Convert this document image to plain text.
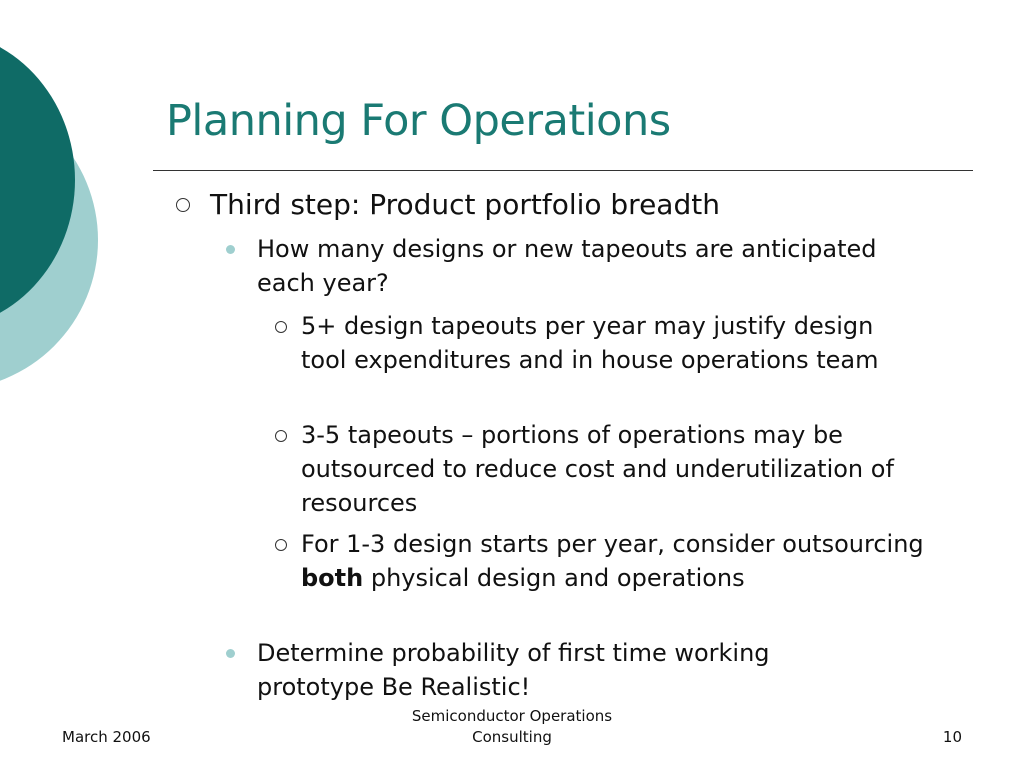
Planning For Operations
Third step: Product portfolio breadth
How many designs or new tapeouts are anticipated each year?
5+ design tapeouts per year may justify design tool expenditures and in house operations team
3-5 tapeouts – portions of operations may be outsourced to reduce cost and underutilization of resources
For 1-3 design starts per year, consider outsourcing both physical design and operations
Determine probability of first time working prototype Be Realistic!
March 2006
Semiconductor Operations
Consulting	10
